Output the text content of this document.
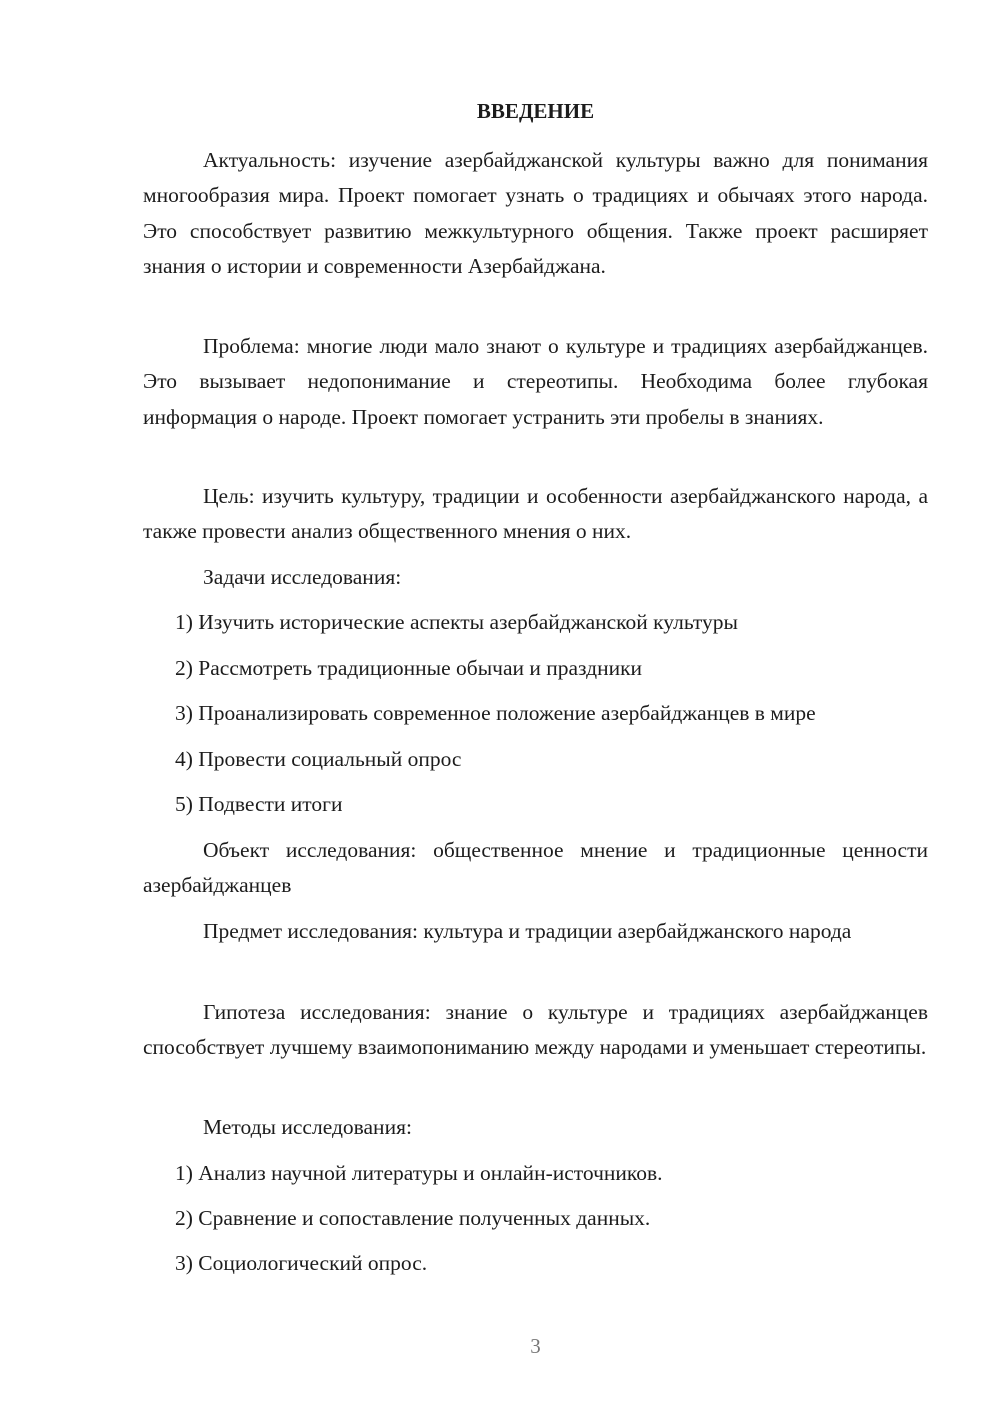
ВВЕДЕНИЕ

Актуальность: изучение азербайджанской культуры важно для понимания многообразия мира. Проект помогает узнать о традициях и обычаях этого народа. Это способствует развитию межкультурного общения. Также проект расширяет знания о истории и современности Азербайджана.

Проблема: многие люди мало знают о культуре и традициях азербайджанцев. Это вызывает недопонимание и стереотипы. Необходима более глубокая информация о народе. Проект помогает устранить эти пробелы в знаниях.

Цель: изучить культуру, традиции и особенности азербайджанского народа, а также провести анализ общественного мнения о них.

Задачи исследования:

1) Изучить исторические аспекты азербайджанской культуры

2) Рассмотреть традиционные обычаи и праздники

3) Проанализировать современное положение азербайджанцев в мире

4) Провести социальный опрос

5) Подвести итоги

Объект исследования: общественное мнение и традиционные ценности азербайджанцев

Предмет исследования: культура и традиции азербайджанского народа

Гипотеза исследования: знание о культуре и традициях азербайджанцев способствует лучшему взаимопониманию между народами и уменьшает стереотипы.

Методы исследования:

1) Анализ научной литературы и онлайн-источников.

2) Сравнение и сопоставление полученных данных.

3) Социологический опрос.

3
